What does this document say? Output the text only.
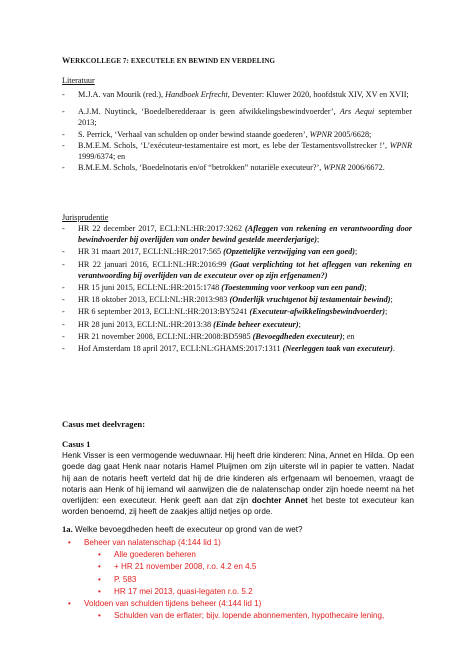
WERKCOLLEGE 7: EXECUTELE EN BEWIND EN VERDELING
Literatuur
- M.J.A. van Mourik (red.), Handboek Erfrecht, Deventer: Kluwer 2020, hoofdstuk XIV, XV en XVII;
- A.J.M. Nuytinck, ‘Boedelberedderaar is geen afwikkelingsbewindvoerder’, Ars Aequi september 2013;
- S. Perrick, ‘Verhaal van schulden op onder bewind staande goederen’, WPNR 2005/6628;
- B.M.E.M. Schols, ‘L’exécuteur-testamentaire est mort, es lebe der Testamentsvollstrecker !’, WPNR 1999/6374; en
- B.M.E.M. Schols, ‘Boedelnotaris en/of “betrokken” notariële executeur?’, WPNR 2006/6672.
Jurisprudentie
- HR 22 december 2017, ECLI:NL:HR:2017:3262 (Afleggen van rekening en verantwoording door bewindvoerder bij overlijden van onder bewind gestelde meerderjarige);
- HR 31 maart 2017, ECLI:NL:HR:2017:565 (Opzettelijke verzwijging van een goed);
- HR 22 januari 2016, ECLI:NL:HR:2016:99 (Gaat verplichting tot het afleggen van rekening en verantwoording bij overlijden van de executeur over op zijn erfgenamen?)
- HR 15 juni 2015, ECLI:NL:HR:2015:1748 (Toestemming voor verkoop van een pand);
- HR 18 oktober 2013, ECLI:NL:HR:2013:983 (Onderlijk vruchtgenot bij testamentair bewind);
- HR 6 september 2013, ECLI:NL:HR:2013:BY5241 (Executeur-afwikkelingsbewindvoerder);
- HR 28 juni 2013, ECLI:NL:HR:2013:38 (Einde beheer executeur);
- HR 21 november 2008, ECLI:NL:HR:2008:BD5985 (Bevoegdheden executeur); en
- Hof Amsterdam 18 april 2017, ECLI:NL:GHAMS:2017:1311 (Neerleggen taak van executeur).
Casus met deelvragen:
Casus 1
Henk Visser is een vermogende weduwnaar. Hij heeft drie kinderen: Nina, Annet en Hilda. Op een goede dag gaat Henk naar notaris Hamel Pluijmen om zijn uiterste wil in papier te vatten. Nadat hij aan de notaris heeft verteld dat hij de drie kinderen als erfgenaam wil benoemen, vraagt de notaris aan Henk of hij iemand wil aanwijzen die de nalatenschap onder zijn hoede neemt na het overlijden: een executeur. Henk geeft aan dat zijn dochter Annet het beste tot executeur kan worden benoemd, zij heeft de zaakjes altijd netjes op orde.
1a. Welke bevoegdheden heeft de executeur op grond van de wet?
• Beheer van nalatenschap (4:144 lid 1)
• Alle goederen beheren
• + HR 21 november 2008, r.o. 4.2 en 4.5
• P. 583
• HR 17 mei 2013, quasi-legaten r.o. 5.2
• Voldoen van schulden tijdens beheer (4:144 lid 1)
• Schulden van de erflater; bijv. lopende abonnementen, hypothecaire lening,
